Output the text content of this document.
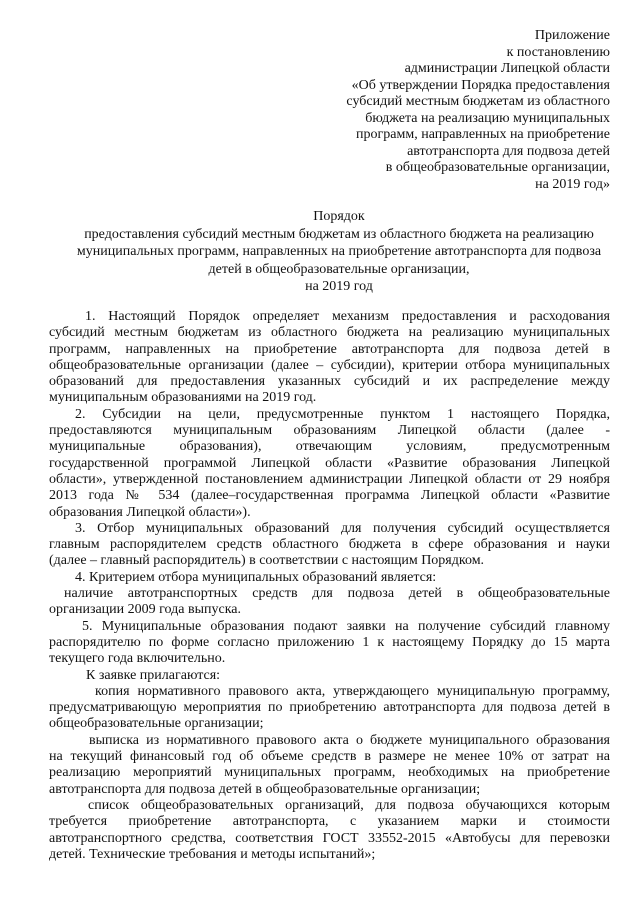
Приложение
к постановлению
администрации Липецкой области
«Об утверждении Порядка предоставления
субсидий местным бюджетам из областного
бюджета на реализацию муниципальных
программ, направленных на приобретение
автотранспорта для подвоза детей
в общеобразовательные организации,
на 2019 год»
Порядок
предоставления субсидий местным бюджетам из областного бюджета на реализацию
муниципальных программ, направленных на приобретение автотранспорта для подвоза
детей в общеобразовательные организации,
на 2019 год
1. Настоящий Порядок определяет механизм предоставления и расходования
субсидий местным бюджетам из областного бюджета на реализацию муниципальных
программ, направленных на приобретение автотранспорта для подвоза детей в
общеобразовательные организации (далее – субсидии), критерии отбора муниципальных
образований для предоставления указанных субсидий и их распределение между
муниципальным образованиями на 2019 год.
2. Субсидии на цели, предусмотренные пунктом 1 настоящего Порядка,
предоставляются муниципальным образованиям Липецкой области (далее -
муниципальные образования), отвечающим условиям, предусмотренным
государственной программой Липецкой области «Развитие образования Липецкой
области», утвержденной постановлением администрации Липецкой области от 29 ноября
2013 года № 534 (далее–государственная программа Липецкой области «Развитие
образования Липецкой области»).
3. Отбор муниципальных образований для получения субсидий осуществляется
главным распорядителем средств областного бюджета в сфере образования и науки
(далее – главный распорядитель) в соответствии с настоящим Порядком.
4. Критерием отбора муниципальных образований является:
наличие автотранспортных средств для подвоза детей в общеобразовательные
организации 2009 года выпуска.
5. Муниципальные образования подают заявки на получение субсидий главному
распорядителю по форме согласно приложению 1 к настоящему Порядку до 15 марта
текущего года включительно.
К заявке прилагаются:
копия нормативного правового акта, утверждающего муниципальную программу,
предусматривающую мероприятия по приобретению автотранспорта для подвоза детей в
общеобразовательные организации;
выписка из нормативного правового акта о бюджете муниципального образования
на текущий финансовый год об объеме средств в размере не менее 10% от затрат на
реализацию мероприятий муниципальных программ, необходимых на приобретение
автотранспорта для подвоза детей в общеобразовательные организации;
список общеобразовательных организаций, для подвоза обучающихся которым
требуется приобретение автотранспорта, с указанием марки и стоимости
автотранспортного средства, соответствия ГОСТ 33552-2015 «Автобусы для перевозки
детей. Технические требования и методы испытаний»;
